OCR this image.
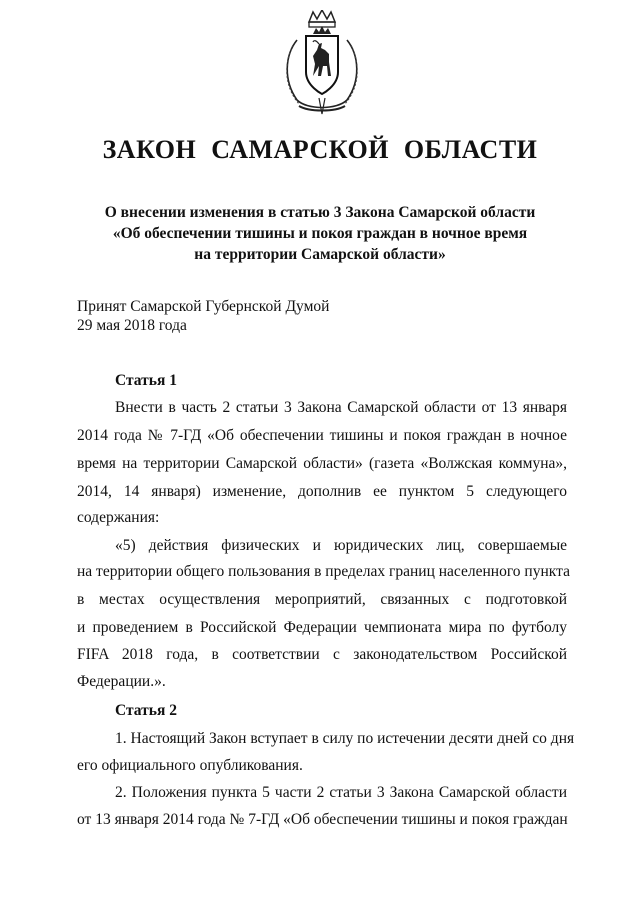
ЗАКОН САМАРСКОЙ ОБЛАСТИ
О внесении изменения в статью 3 Закона Самарской области
«Об обеспечении тишины и покоя граждан в ночное время
на территории Самарской области»
Принят Самарской Губернской Думой
29 мая 2018 года
Статья 1
Внести в часть 2 статьи 3 Закона Самарской области от 13 января
2014 года № 7-ГД «Об обеспечении тишины и покоя граждан в ночное
время на территории Самарской области» (газета «Волжская коммуна»,
2014, 14 января) изменение, дополнив ее пунктом 5 следующего
содержания:
«5) действия физических и юридических лиц, совершаемые
на территории общего пользования в пределах границ населенного пункта
в местах осуществления мероприятий, связанных с подготовкой
и проведением в Российской Федерации чемпионата мира по футболу
FIFA 2018 года, в соответствии с законодательством Российской
Федерации.».
Статья 2
1. Настоящий Закон вступает в силу по истечении десяти дней со дня
его официального опубликования.
2. Положения пункта 5 части 2 статьи 3 Закона Самарской области
от 13 января 2014 года № 7-ГД «Об обеспечении тишины и покоя граждан
